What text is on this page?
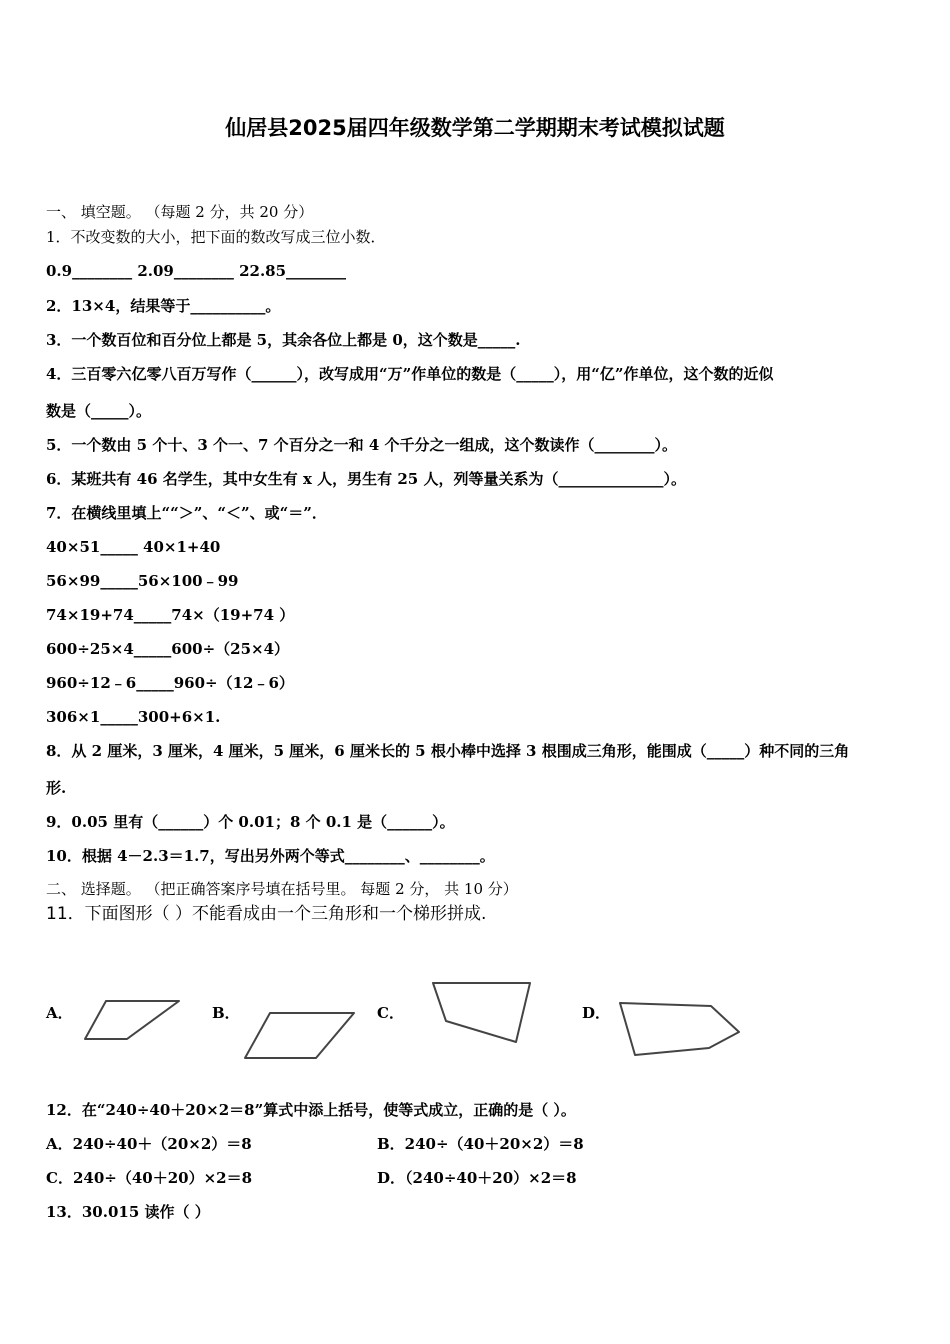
仙居县2025届四年级数学第二学期期末考试模拟试题
一、 填空题。 （每题 2 分，共 20 分）
1．不改变数的大小，把下面的数改写成三位小数．
0.9________ 2.09________ 22.85________
2．13×4，结果等于__________。
3．一个数百位和百分位上都是 5，其余各位上都是 0，这个数是_____.
4．三百零六亿零八百万写作（______），改写成用“万”作单位的数是（_____），用“亿”作单位，这个数的近似
数是（_____）。
5．一个数由 5 个十、3 个一、7 个百分之一和 4 个千分之一组成，这个数读作（________）。
6．某班共有 46 名学生，其中女生有 x 人，男生有 25 人，列等量关系为（______________）。
7．在横线里填上““＞”、“＜”、或“＝”．
40×51_____ 40×1+40
56×99_____56×100﹣99
74×19+74_____74×（19+74 ）
600÷25×4_____600÷（25×4）
960÷12﹣6_____960÷（12﹣6）
306×1_____300+6×1.
8．从 2 厘米，3 厘米，4 厘米，5 厘米，6 厘米长的 5 根小棒中选择 3 根围成三角形，能围成（_____）种不同的三角
形.
9．0.05 里有（______）个 0.01；8 个 0.1 是（______）。
10．根据 4－2.3＝1.7，写出另外两个等式________、________。
二、 选择题。 （把正确答案序号填在括号里。 每题 2 分， 共 10 分）
11．下面图形（ ）不能看成由一个三角形和一个梯形拼成.
A．	B．	C．	D．
12．在“240÷40＋20×2＝8”算式中添上括号，使等式成立，正确的是（ ）。
A．240÷40＋（20×2）＝8	B．240÷（40＋20×2）＝8
C．240÷（40＋20）×2＝8	D．（240÷40＋20）×2＝8
13．30.015 读作（ ）
